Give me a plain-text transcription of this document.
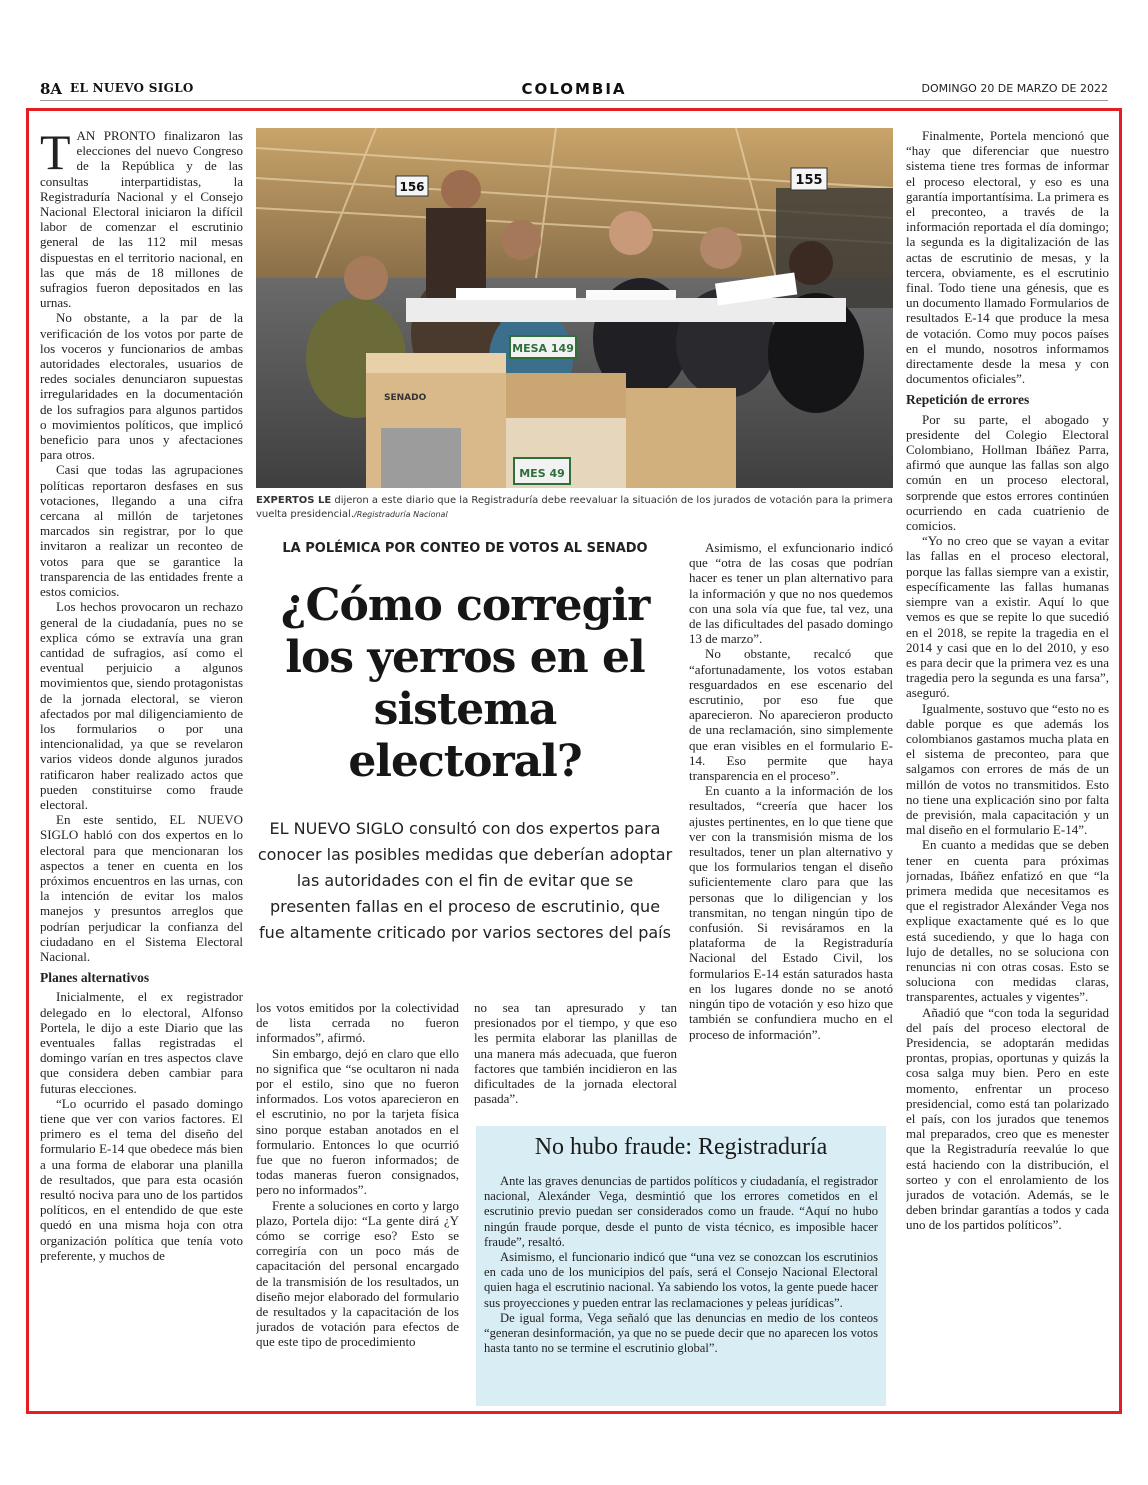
8A EL NUEVO SIGLO	COLOMBIA	DOMINGO 20 DE MARZO DE 2022
T AN PRONTO finalizaron las elecciones del nuevo Congreso de la República y de las consultas interpartidistas, la Registraduría Nacional y el Consejo Nacional Electoral iniciaron la difícil labor de comenzar el escrutinio general de las 112 mil mesas dispuestas en el territorio nacional, en las que más de 18 millones de sufragios fueron depositados en las urnas.

No obstante, a la par de la verificación de los votos por parte de los voceros y funcionarios de ambas autoridades electorales, usuarios de redes sociales denunciaron supuestas irregularidades en la documentación de los sufragios para algunos partidos o movimientos políticos, que implicó beneficio para unos y afectaciones para otros.

Casi que todas las agrupaciones políticas reportaron desfases en sus votaciones, llegando a una cifra cercana al millón de tarjetones marcados sin registrar, por lo que invitaron a realizar un reconteo de votos para que se garantice la transparencia de las entidades frente a estos comicios.

Los hechos provocaron un rechazo general de la ciudadanía, pues no se explica cómo se extravía una gran cantidad de sufragios, así como el eventual perjuicio a algunos movimientos que, siendo protagonistas de la jornada electoral, se vieron afectados por mal diligenciamiento de los formularios o por una intencionalidad, ya que se revelaron varios videos donde algunos jurados ratificaron haber realizado actos que pueden constituirse como fraude electoral.

En este sentido, EL NUEVO SIGLO habló con dos expertos en lo electoral para que mencionaran los aspectos a tener en cuenta en los próximos encuentros en las urnas, con la intención de evitar los malos manejos y presuntos arreglos que podrían perjudicar la confianza del ciudadano en el Sistema Electoral Nacional.

Planes alternativos

Inicialmente, el ex registrador delegado en lo electoral, Alfonso Portela, le dijo a este Diario que las eventuales fallas registradas el domingo varían en tres aspectos clave que considera deben cambiar para futuras elecciones.

“Lo ocurrido el pasado domingo tiene que ver con varios factores. El primero es el tema del diseño del formulario E-14 que obedece más bien a una forma de elaborar una planilla de resultados, que para esta ocasión resultó nociva para uno de los partidos políticos, en el entendido de que este quedó en una misma hoja con otra organización política que tenía voto preferente, y muchos de

156	155
MESA 149
SENADO
MES 49
EXPERTOS LE dijeron a este diario que la Registraduría debe reevaluar la situación de los jurados de votación para la primera vuelta presidencial./Registraduría Nacional
LA POLÉMICA POR CONTEO DE VOTOS AL SENADO
¿Cómo corregir los yerros en el sistema electoral?
EL NUEVO SIGLO consultó con dos expertos para conocer las posibles medidas que deberían adoptar las autoridades con el fin de evitar que se presenten fallas en el proceso de escrutinio, que fue altamente criticado por varios sectores del país

los votos emitidos por la colectividad de lista cerrada no fueron informados”, afirmó.

Sin embargo, dejó en claro que ello no significa que “se ocultaron ni nada por el estilo, sino que no fueron informados. Los votos aparecieron en el escrutinio, no por la tarjeta física sino porque estaban anotados en el formulario. Entonces lo que ocurrió fue que no fueron informados; de todas maneras fueron consignados, pero no informados”.

Frente a soluciones en corto y largo plazo, Portela dijo: “La gente dirá ¿Y cómo se corrige eso? Esto se corregiría con un poco más de capacitación del personal encargado de la transmisión de los resultados, un diseño mejor elaborado del formulario de resultados y la capacitación de los jurados de votación para efectos de que este tipo de procedimiento

no sea tan apresurado y tan presionados por el tiempo, y que eso les permita elaborar las planillas de una manera más adecuada, que fueron factores que también incidieron en las dificultades de la jornada electoral pasada”.

Asimismo, el exfuncionario indicó que “otra de las cosas que podrían hacer es tener un plan alternativo para la información y que no nos quedemos con una sola vía que fue, tal vez, una de las dificultades del pasado domingo 13 de marzo”.

No obstante, recalcó que “afortunadamente, los votos estaban resguardados en ese escenario del escrutinio, por eso fue que aparecieron. No aparecieron producto de una reclamación, sino simplemente que eran visibles en el formulario E-14. Eso permite que haya transparencia en el proceso”.

En cuanto a la información de los resultados, “creería que hacer los ajustes pertinentes, en lo que tiene que ver con la transmisión misma de los resultados, tener un plan alternativo y que los formularios tengan el diseño suficientemente claro para que las personas que lo diligencian y los transmitan, no tengan ningún tipo de confusión. Si revisáramos en la plataforma de la Registraduría Nacional del Estado Civil, los formularios E-14 están saturados hasta en los lugares donde no se anotó ningún tipo de votación y eso hizo que también se confundiera mucho en el proceso de información”.

Finalmente, Portela mencionó que “hay que diferenciar que nuestro sistema tiene tres formas de informar el proceso electoral, y eso es una garantía importantísima. La primera es el preconteo, a través de la información reportada el día domingo; la segunda es la digitalización de las actas de escrutinio de mesas, y la tercera, obviamente, es el escrutinio final. Todo tiene una génesis, que es un documento llamado Formularios de resultados E-14 que produce la mesa de votación. Como muy pocos países en el mundo, nosotros informamos directamente desde la mesa y con documentos oficiales”.

Repetición de errores

Por su parte, el abogado y presidente del Colegio Electoral Colombiano, Hollman Ibáñez Parra, afirmó que aunque las fallas son algo común en un proceso electoral, sorprende que estos errores continúen ocurriendo en cada cuatrienio de comicios.

“Yo no creo que se vayan a evitar las fallas en el proceso electoral, porque las fallas siempre van a existir, específicamente las fallas humanas siempre van a existir. Aquí lo que vemos es que se repite lo que sucedió en el 2018, se repite la tragedia en el 2014 y casi que en lo del 2010, y eso es para decir que la primera vez es una tragedia pero la segunda es una farsa”, aseguró.

Igualmente, sostuvo que “esto no es dable porque es que además los colombianos gastamos mucha plata en el sistema de preconteo, para que salgamos con errores de más de un millón de votos no transmitidos. Esto no tiene una explicación sino por falta de previsión, mala capacitación y un mal diseño en el formulario E-14”.

En cuanto a medidas que se deben tener en cuenta para próximas jornadas, Ibáñez enfatizó en que “la primera medida que necesitamos es que el registrador Alexánder Vega nos explique exactamente qué es lo que está sucediendo, y que lo haga con lujo de detalles, no se soluciona con renuncias ni con otras cosas. Esto se soluciona con medidas claras, transparentes, actuales y vigentes”.

Añadió que “con toda la seguridad del país del proceso electoral de Presidencia, se adoptarán medidas prontas, propias, oportunas y quizás la cosa salga muy bien. Pero en este momento, enfrentar un proceso presidencial, como está tan polarizado el país, con los jurados que tenemos mal preparados, creo que es menester que la Registraduría reevalúe lo que está haciendo con la distribución, el sorteo y con el enrolamiento de los jurados de votación. Además, se le deben brindar garantías a todos y cada uno de los partidos políticos”.

No hubo fraude: Registraduría

Ante las graves denuncias de partidos políticos y ciudadanía, el registrador nacional, Alexánder Vega, desmintió que los errores cometidos en el escrutinio previo puedan ser considerados como un fraude. “Aquí no hubo ningún fraude porque, desde el punto de vista técnico, es imposible hacer fraude”, resaltó.

Asimismo, el funcionario indicó que “una vez se conozcan los escrutinios en cada uno de los municipios del país, será el Consejo Nacional Electoral quien haga el escrutinio nacional. Ya sabiendo los votos, la gente puede hacer sus proyecciones y pueden entrar las reclamaciones y peleas jurídicas”.

De igual forma, Vega señaló que las denuncias en medio de los conteos “generan desinformación, ya que no se puede decir que no aparecen los votos hasta tanto no se termine el escrutinio global”.
